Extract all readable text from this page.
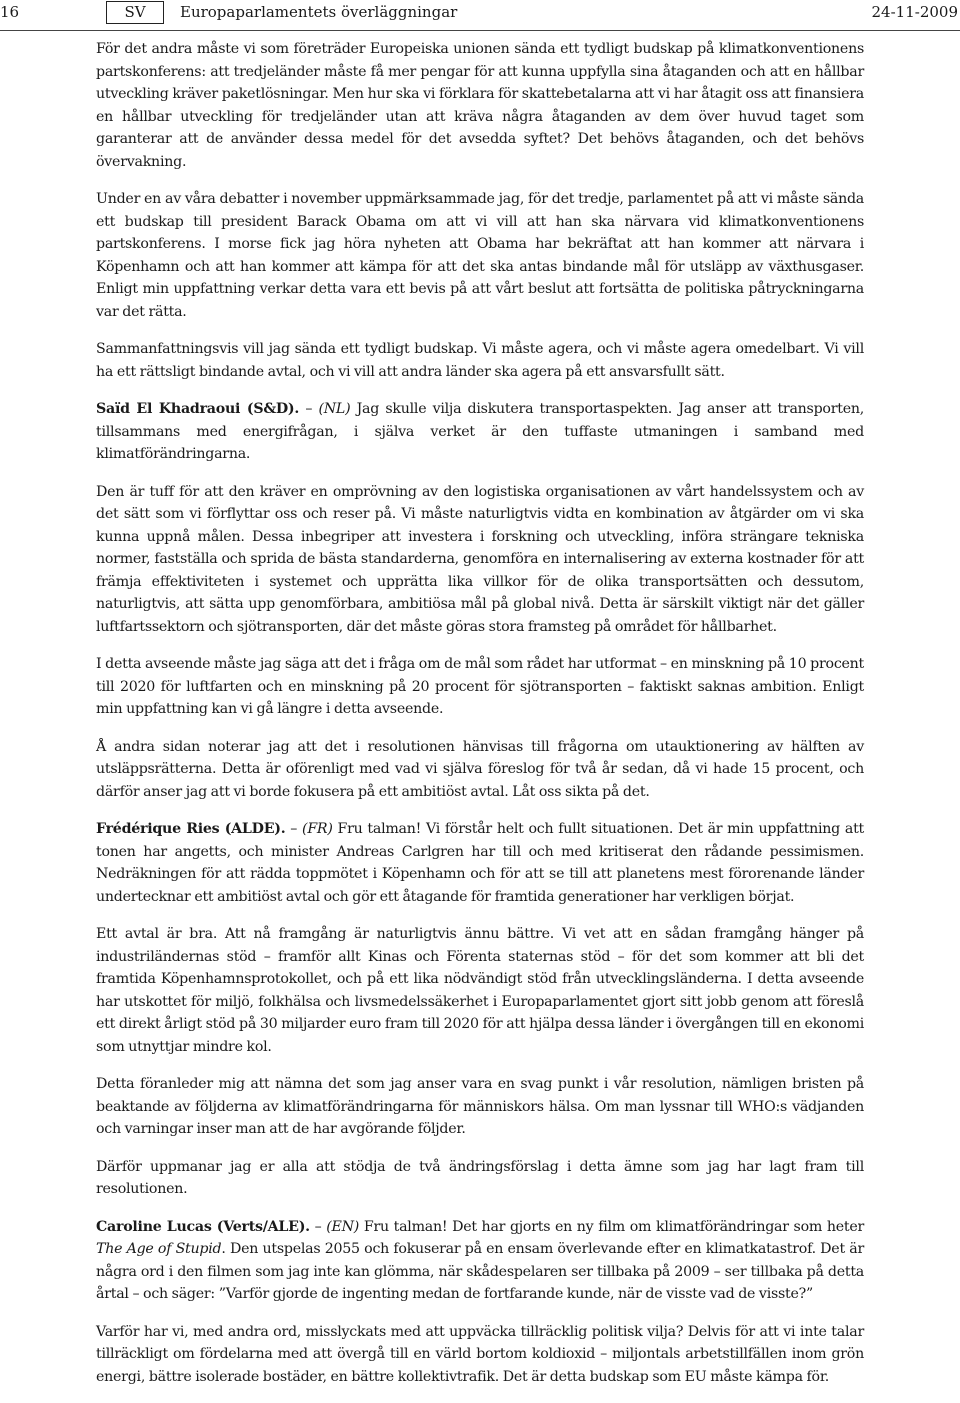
16	SV	Europaparlamentets överläggningar	24-11-2009

För det andra måste vi som företräder Europeiska unionen sända ett tydligt budskap på klimatkonventionens partskonferens: att tredjeländer måste få mer pengar för att kunna uppfylla sina åtaganden och att en hållbar utveckling kräver paketlösningar. Men hur ska vi förklara för skattebetalarna att vi har åtagit oss att finansiera en hållbar utveckling för tredjeländer utan att kräva några åtaganden av dem över huvud taget som garanterar att de använder dessa medel för det avsedda syftet? Det behövs åtaganden, och det behövs övervakning.

Under en av våra debatter i november uppmärksammade jag, för det tredje, parlamentet på att vi måste sända ett budskap till president Barack Obama om att vi vill att han ska närvara vid klimatkonventionens partskonferens. I morse fick jag höra nyheten att Obama har bekräftat att han kommer att närvara i Köpenhamn och att han kommer att kämpa för att det ska antas bindande mål för utsläpp av växthusgaser. Enligt min uppfattning verkar detta vara ett bevis på att vårt beslut att fortsätta de politiska påtryckningarna var det rätta.

Sammanfattningsvis vill jag sända ett tydligt budskap. Vi måste agera, och vi måste agera omedelbart. Vi vill ha ett rättsligt bindande avtal, och vi vill att andra länder ska agera på ett ansvarsfullt sätt.

Saïd El Khadraoui (S&D). – (NL) Jag skulle vilja diskutera transportaspekten. Jag anser att transporten, tillsammans med energifrågan, i själva verket är den tuffaste utmaningen i samband med klimatförändringarna.

Den är tuff för att den kräver en omprövning av den logistiska organisationen av vårt handelssystem och av det sätt som vi förflyttar oss och reser på. Vi måste naturligtvis vidta en kombination av åtgärder om vi ska kunna uppnå målen. Dessa inbegriper att investera i forskning och utveckling, införa strängare tekniska normer, fastställa och sprida de bästa standarderna, genomföra en internalisering av externa kostnader för att främja effektiviteten i systemet och upprätta lika villkor för de olika transportsätten och dessutom, naturligtvis, att sätta upp genomförbara, ambitiösa mål på global nivå. Detta är särskilt viktigt när det gäller luftfartssektorn och sjötransporten, där det måste göras stora framsteg på området för hållbarhet.

I detta avseende måste jag säga att det i fråga om de mål som rådet har utformat – en minskning på 10 procent till 2020 för luftfarten och en minskning på 20 procent för sjötransporten – faktiskt saknas ambition. Enligt min uppfattning kan vi gå längre i detta avseende.

Å andra sidan noterar jag att det i resolutionen hänvisas till frågorna om utauktionering av hälften av utsläppsrätterna. Detta är oförenligt med vad vi själva föreslog för två år sedan, då vi hade 15 procent, och därför anser jag att vi borde fokusera på ett ambitiöst avtal. Låt oss sikta på det.

Frédérique Ries (ALDE). – (FR) Fru talman! Vi förstår helt och fullt situationen. Det är min uppfattning att tonen har angetts, och minister Andreas Carlgren har till och med kritiserat den rådande pessimismen. Nedräkningen för att rädda toppmötet i Köpenhamn och för att se till att planetens mest förorenande länder undertecknar ett ambitiöst avtal och gör ett åtagande för framtida generationer har verkligen börjat.

Ett avtal är bra. Att nå framgång är naturligtvis ännu bättre. Vi vet att en sådan framgång hänger på industriländernas stöd – framför allt Kinas och Förenta staternas stöd – för det som kommer att bli det framtida Köpenhamnsprotokollet, och på ett lika nödvändigt stöd från utvecklingsländerna. I detta avseende har utskottet för miljö, folkhälsa och livsmedelssäkerhet i Europaparlamentet gjort sitt jobb genom att föreslå ett direkt årligt stöd på 30 miljarder euro fram till 2020 för att hjälpa dessa länder i övergången till en ekonomi som utnyttjar mindre kol.

Detta föranleder mig att nämna det som jag anser vara en svag punkt i vår resolution, nämligen bristen på beaktande av följderna av klimatförändringarna för människors hälsa. Om man lyssnar till WHO:s vädjanden och varningar inser man att de har avgörande följder.

Därför uppmanar jag er alla att stödja de två ändringsförslag i detta ämne som jag har lagt fram till resolutionen.

Caroline Lucas (Verts/ALE). – (EN) Fru talman! Det har gjorts en ny film om klimatförändringar som heter The Age of Stupid. Den utspelas 2055 och fokuserar på en ensam överlevande efter en klimatkatastrof. Det är några ord i den filmen som jag inte kan glömma, när skådespelaren ser tillbaka på 2009 – ser tillbaka på detta årtal – och säger: ”Varför gjorde de ingenting medan de fortfarande kunde, när de visste vad de visste?”

Varför har vi, med andra ord, misslyckats med att uppväcka tillräcklig politisk vilja? Delvis för att vi inte talar tillräckligt om fördelarna med att övergå till en värld bortom koldioxid – miljontals arbetstillfällen inom grön energi, bättre isolerade bostäder, en bättre kollektivtrafik. Det är detta budskap som EU måste kämpa för.
